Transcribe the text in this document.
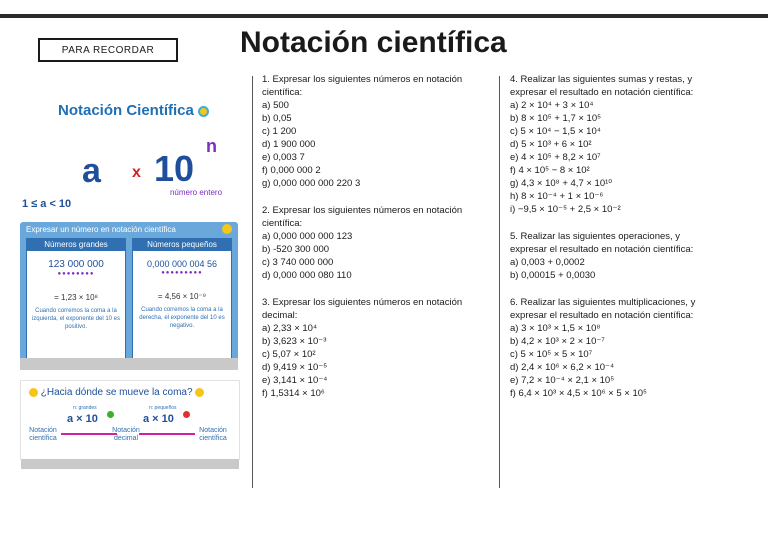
PARA RECORDAR	Notación científica
Notación Científica
a x 10
n
número entero
1 ≤ a < 10
Expresar un número en notación científica
Números grandes
123 000 000
●●●●●●●●
= 1,23 × 10⁸
Cuando corremos la coma a la izquierda, el exponente del 10 es positivo.
Números pequeños
0,000 000 004 56
●●●●●●●●●
= 4,56 × 10⁻⁹
Cuando corremos la coma a la derecha, el exponente del 10 es negativo.
¿Hacia dónde se mueve la coma?
n: grandes	n: pequeños
a × 10	a × 10
Notación científica
Notación decimal
Notación científica
1. Expresar los siguientes números en notación
científica:
a) 500
b) 0,05
c) 1 200
d) 1 900 000
e) 0,003 7
f) 0,000 000 2
g) 0,000 000 000 220 3
2. Expresar los siguientes números en notación
científica:
a) 0,000 000 000 123
b) -520 300 000
c) 3 740 000 000
d) 0,000 000 080 110
3. Expresar los siguientes números en notación
decimal:
a) 2,33 × 10⁴
b) 3,623 × 10⁻³
c) 5,07 × 10²
d) 9,419 × 10⁻⁵
e) 3,141 × 10⁻⁴
f) 1,5314 × 10⁶
4. Realizar las siguientes sumas y restas, y
expresar el resultado en notación científica:
a) 2 × 10⁴ + 3 × 10⁴
b) 8 × 10⁵ + 1,7 × 10⁵
c) 5 × 10⁴ − 1,5 × 10⁴
d) 5 × 10³ + 6 × 10²
e) 4 × 10⁵ + 8,2 × 10⁷
f) 4 × 10⁵ − 8 × 10²
g) 4,3 × 10⁸ + 4,7 × 10¹⁰
h) 8 × 10⁻⁴ + 1 × 10⁻⁶
i) −9,5 × 10⁻⁵ + 2,5 × 10⁻²
5. Realizar las siguientes operaciones, y
expresar el resultado en notación científica:
a) 0,003 + 0,0002
b) 0,00015 + 0,0030
6. Realizar las siguientes multiplicaciones, y
expresar el resultado en notación científica:
a) 3 × 10³ × 1,5 × 10⁸
b) 4,2 × 10³ × 2 × 10⁻⁷
c) 5 × 10⁵ × 5 × 10⁷
d) 2,4 × 10⁶ × 6,2 × 10⁻⁴
e) 7,2 × 10⁻⁴ × 2,1 × 10⁵
f) 6,4 × 10³ × 4,5 × 10⁶ × 5 × 10⁵
